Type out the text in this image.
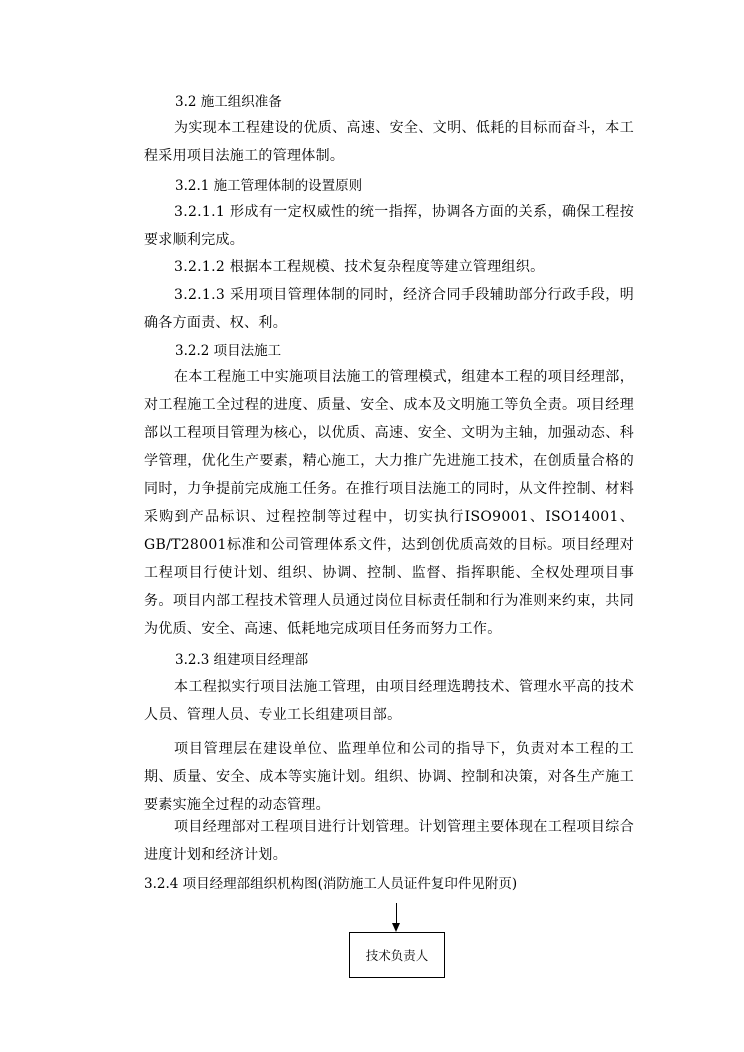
3.2 施工组织准备

为实现本工程建设的优质、高速、安全、文明、低耗的目标而奋斗，本工程采用项目法施工的管理体制。

3.2.1 施工管理体制的设置原则

3.2.1.1 形成有一定权威性的统一指挥，协调各方面的关系，确保工程按要求顺利完成。

3.2.1.2 根据本工程规模、技术复杂程度等建立管理组织。

3.2.1.3 采用项目管理体制的同时，经济合同手段辅助部分行政手段，明确各方面责、权、利。

3.2.2 项目法施工

在本工程施工中实施项目法施工的管理模式，组建本工程的项目经理部，对工程施工全过程的进度、质量、安全、成本及文明施工等负全责。项目经理部以工程项目管理为核心，以优质、高速、安全、文明为主轴，加强动态、科学管理，优化生产要素，精心施工，大力推广先进施工技术，在创质量合格的同时，力争提前完成施工任务。在推行项目法施工的同时，从文件控制、材料采购到产品标识、过程控制等过程中，切实执行ISO9001、ISO14001、GB/T28001标准和公司管理体系文件，达到创优质高效的目标。项目经理对工程项目行使计划、组织、协调、控制、监督、指挥职能、全权处理项目事务。项目内部工程技术管理人员通过岗位目标责任制和行为准则来约束，共同为优质、安全、高速、低耗地完成项目任务而努力工作。

3.2.3 组建项目经理部

本工程拟实行项目法施工管理，由项目经理选聘技术、管理水平高的技术人员、管理人员、专业工长组建项目部。

项目管理层在建设单位、监理单位和公司的指导下，负责对本工程的工期、质量、安全、成本等实施计划。组织、协调、控制和决策，对各生产施工要素实施全过程的动态管理。

项目经理部对工程项目进行计划管理。计划管理主要体现在工程项目综合进度计划和经济计划。

3.2.4 项目经理部组织机构图(消防施工人员证件复印件见附页)
技术负责人
